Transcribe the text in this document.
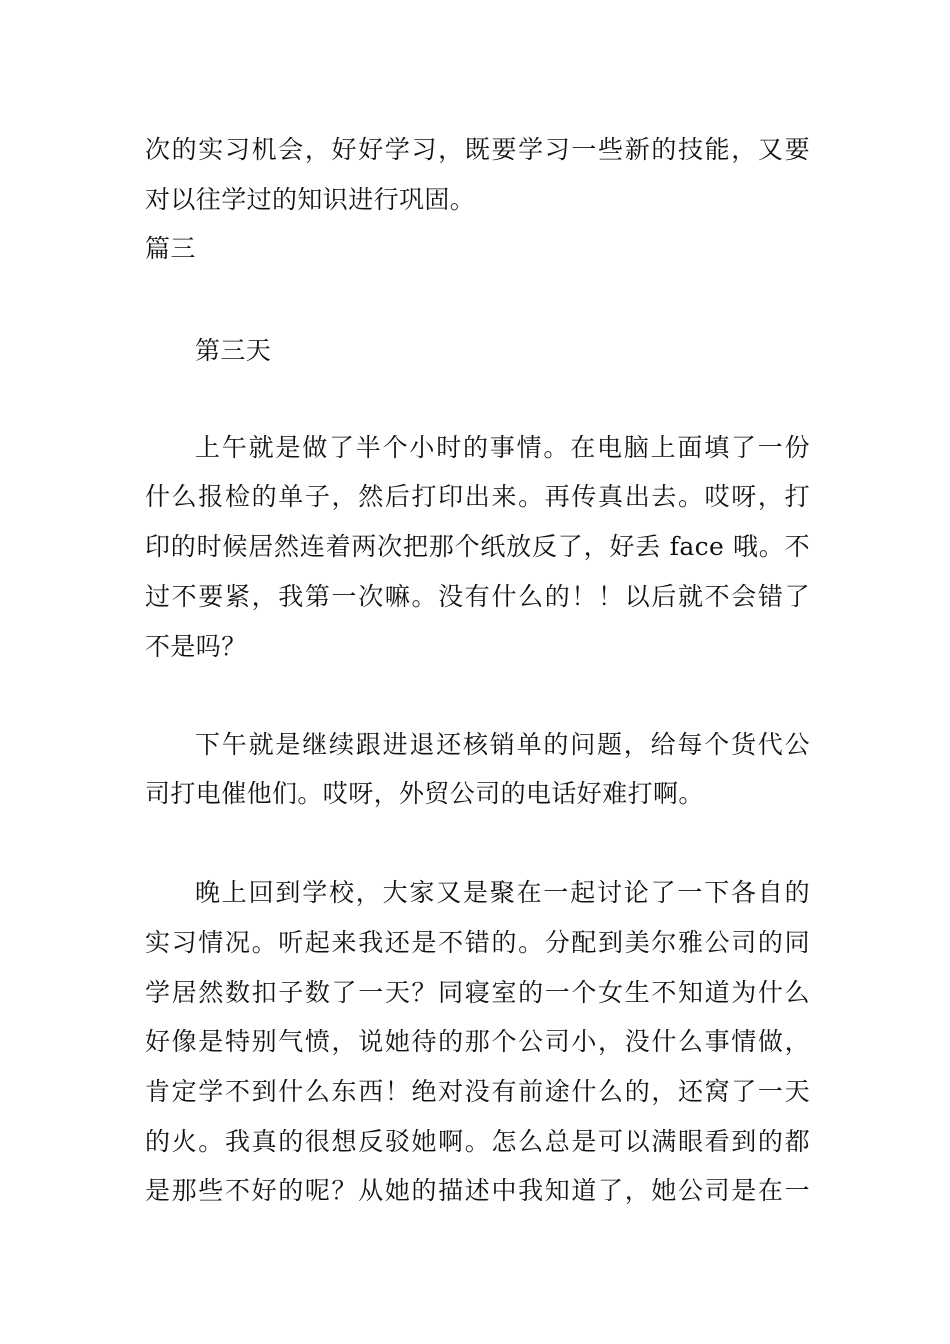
次的实习机会，好好学习，既要学习一些新的技能，又要
对以往学过的知识进行巩固。
篇三
第三天
上午就是做了半个小时的事情。在电脑上面填了一份
什么报检的单子，然后打印出来。再传真出去。哎呀，打
印的时候居然连着两次把那个纸放反了，好丢 face 哦。不
过不要紧，我第一次嘛。没有什么的！！以后就不会错了
不是吗？
下午就是继续跟进退还核销单的问题，给每个货代公
司打电催他们。哎呀，外贸公司的电话好难打啊。
晚上回到学校，大家又是聚在一起讨论了一下各自的
实习情况。听起来我还是不错的。分配到美尔雅公司的同
学居然数扣子数了一天？同寝室的一个女生不知道为什么
好像是特别气愤，说她待的那个公司小，没什么事情做，
肯定学不到什么东西！绝对没有前途什么的，还窝了一天
的火。我真的很想反驳她啊。怎么总是可以满眼看到的都
是那些不好的呢？从她的描述中我知道了，她公司是在一
